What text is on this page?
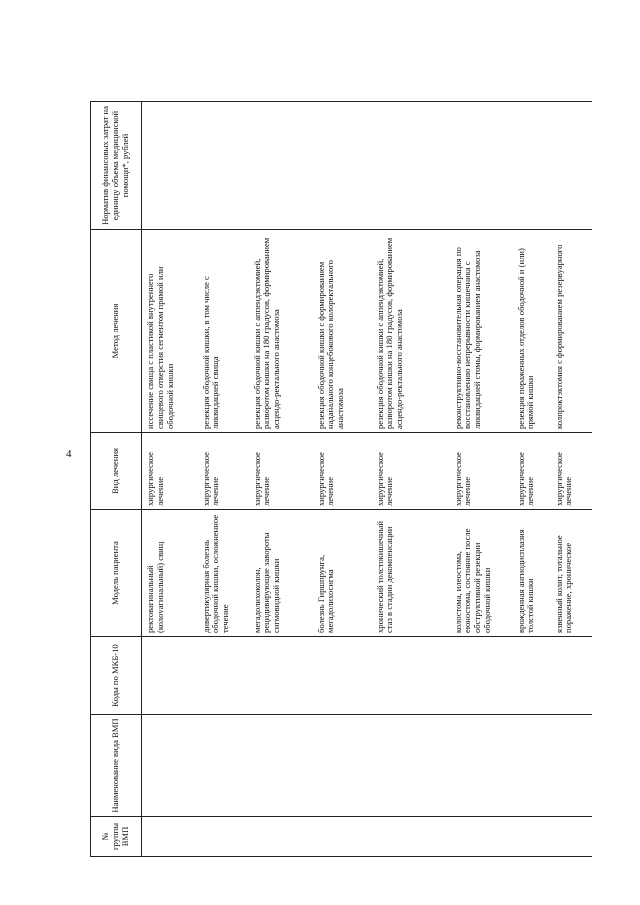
4
№ группы ВМП	Наименование вида ВМП	Коды по МКБ-10	Модель пациента	Вид лечения	Метод лечения	Норматив финансовых затрат на единицу объема медицинской помощи*, рублей
			ректовагинальный (колovaгинальный) свищ	хирургическое лечение	иссечение свища с пластикой внутреннего свищевого отверстия сегментом прямой или ободочной кишки	
			дивертикулярная болезнь ободочной кишки, осложненное течение	хирургическое лечение	резекция ободочной кишки, в том числе с ликвидацией свища	
			мегадолихоколон, рецидивирующие завороты сигмовидной кишки	хирургическое лечение	резекция ободочной кишки с аппендэктомией, разворотом кишки на 180 градусов, формированием асцендо-ректального анастомоза	
			болезнь Гиршпрунга, мегадолихосигма	хирургическое лечение	резекция ободочной кишки с формированием наданального концебокового колоректального анастомоза	
			хронический толстокишечный стаз в стадии декомпенсации	хирургическое лечение	резекция ободочной кишки с аппендэктомией, разворотом кишки на 180 градусов, формированием асцендо-ректального анастомоза	
			колостома, илеостома, еюностома, состояние после обструктивной резекции ободочной кишки	хирургическое лечение	реконструктивно-восстановительная операция по восстановлению непрерывности кишечника с ликвидацией стомы, формированием анастомоза	
			врожденная ангиодисплазия толстой кишки	хирургическое лечение	резекция пораженных отделов ободочной и (или) прямой кишки	
			язвенный колит, тотальное поражение, хроническое	хирургическое лечение	колпроктэктомия с формированием резервуарного	
